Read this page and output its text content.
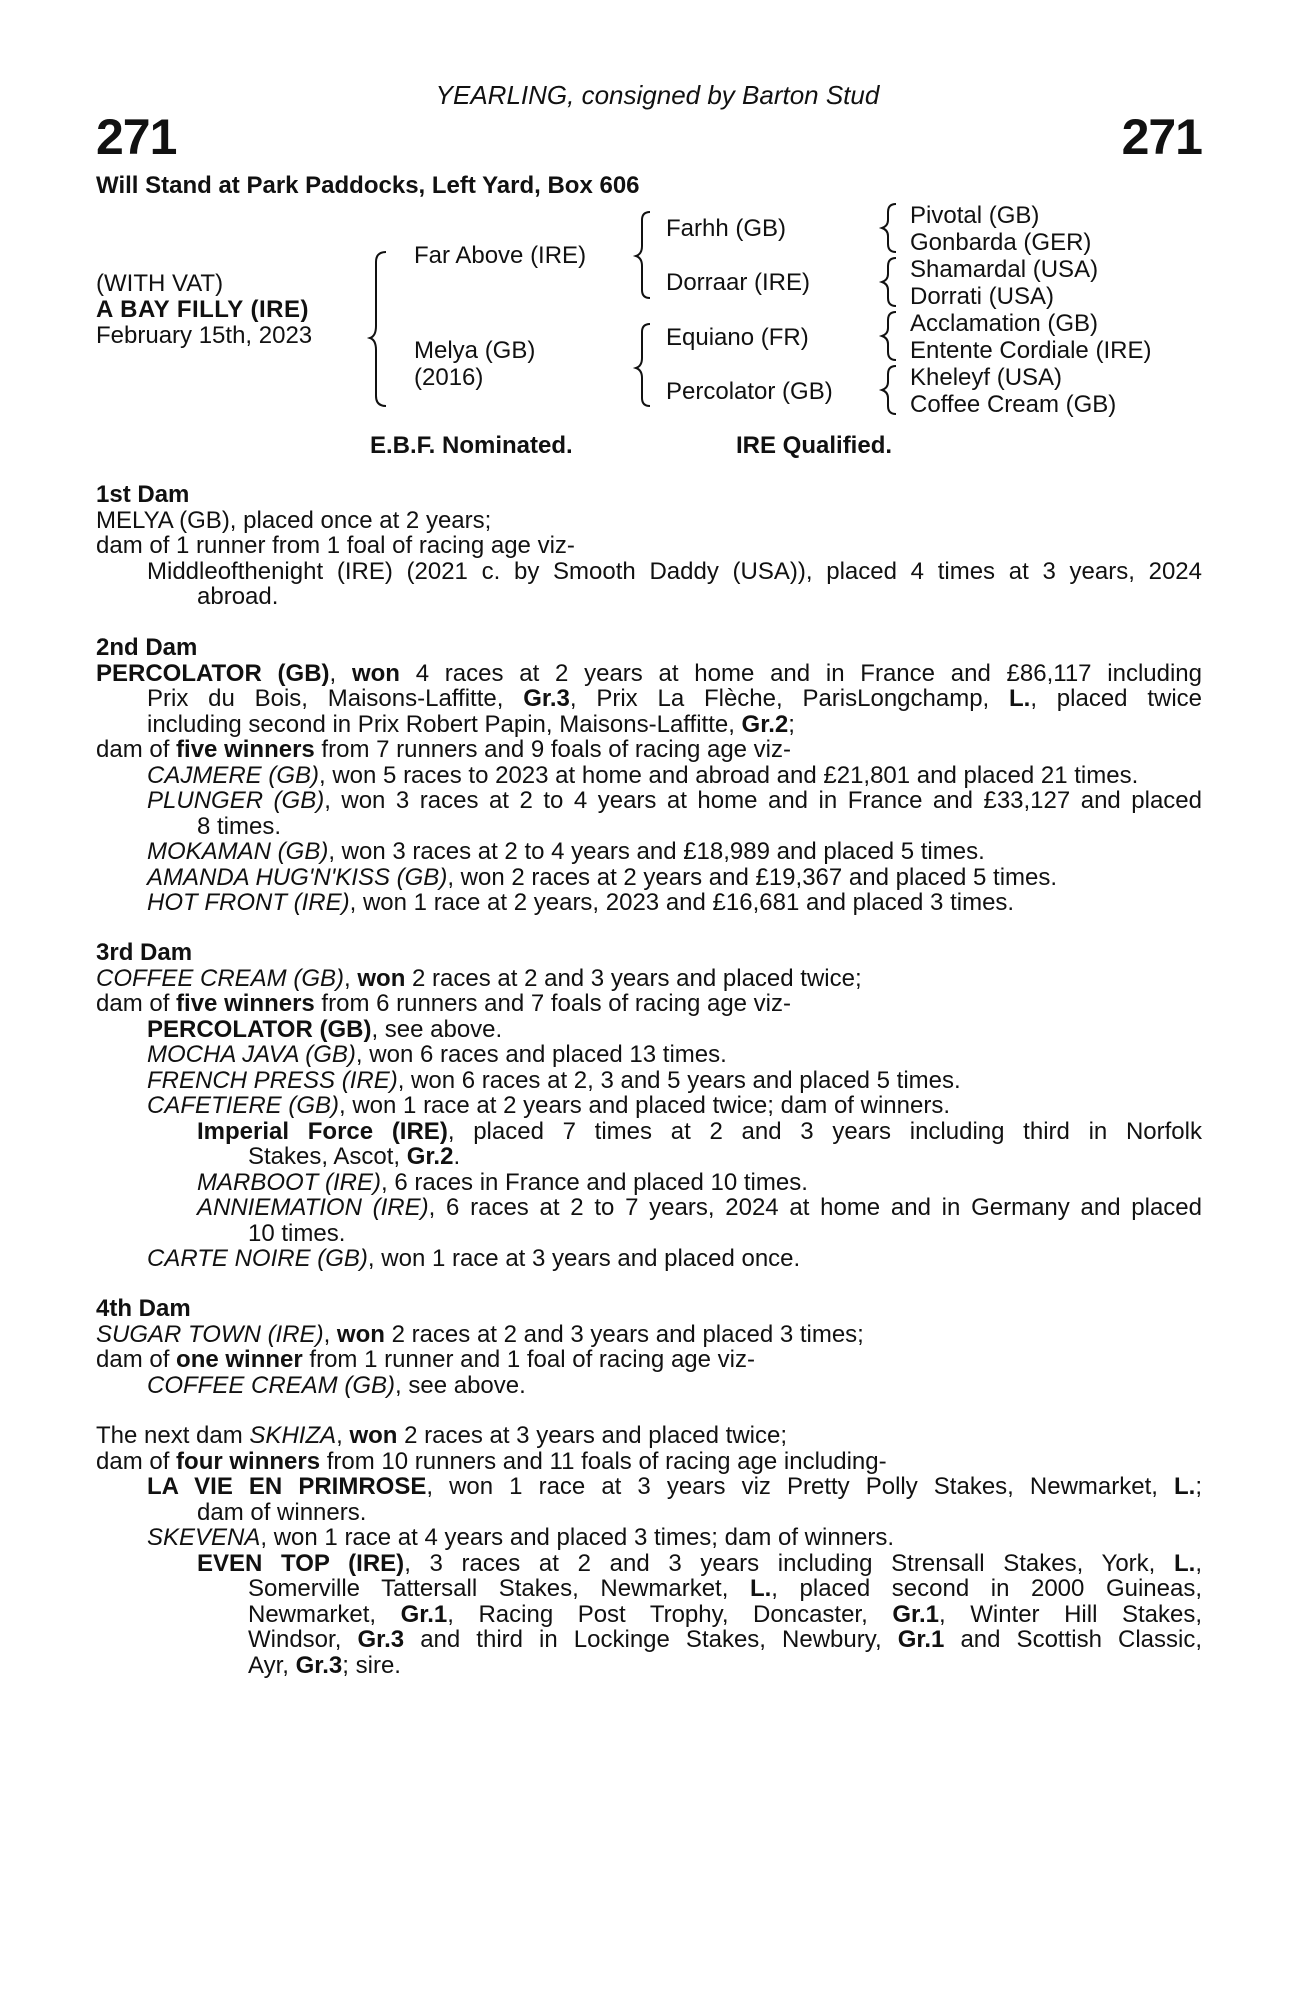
YEARLING, consigned by Barton Stud
271	271
Will Stand at Park Paddocks, Left Yard, Box 606
(WITH VAT)
A BAY FILLY (IRE)
February 15th, 2023
Far Above (IRE)
Melya (GB)
(2016)
Farhh (GB)
Dorraar (IRE)
Equiano (FR)
Percolator (GB)
Pivotal (GB)
Gonbarda (GER)
Shamardal (USA)
Dorrati (USA)
Acclamation (GB)
Entente Cordiale (IRE)
Kheleyf (USA)
Coffee Cream (GB)
E.B.F. Nominated.	IRE Qualified.
1st Dam
MELYA (GB), placed once at 2 years;
dam of 1 runner from 1 foal of racing age viz-
Middleofthenight (IRE) (2021 c. by Smooth Daddy (USA)), placed 4 times at 3 years, 2024
abroad.
2nd Dam
PERCOLATOR (GB), won 4 races at 2 years at home and in France and £86,117 including
Prix du Bois, Maisons-Laffitte, Gr.3, Prix La Flèche, ParisLongchamp, L., placed twice
including second in Prix Robert Papin, Maisons-Laffitte, Gr.2;
dam of five winners from 7 runners and 9 foals of racing age viz-
CAJMERE (GB), won 5 races to 2023 at home and abroad and £21,801 and placed 21 times.
PLUNGER (GB), won 3 races at 2 to 4 years at home and in France and £33,127 and placed
8 times.
MOKAMAN (GB), won 3 races at 2 to 4 years and £18,989 and placed 5 times.
AMANDA HUG'N'KISS (GB), won 2 races at 2 years and £19,367 and placed 5 times.
HOT FRONT (IRE), won 1 race at 2 years, 2023 and £16,681 and placed 3 times.
3rd Dam
COFFEE CREAM (GB), won 2 races at 2 and 3 years and placed twice;
dam of five winners from 6 runners and 7 foals of racing age viz-
PERCOLATOR (GB), see above.
MOCHA JAVA (GB), won 6 races and placed 13 times.
FRENCH PRESS (IRE), won 6 races at 2, 3 and 5 years and placed 5 times.
CAFETIERE (GB), won 1 race at 2 years and placed twice; dam of winners.
Imperial Force (IRE), placed 7 times at 2 and 3 years including third in Norfolk
Stakes, Ascot, Gr.2.
MARBOOT (IRE), 6 races in France and placed 10 times.
ANNIEMATION (IRE), 6 races at 2 to 7 years, 2024 at home and in Germany and placed
10 times.
CARTE NOIRE (GB), won 1 race at 3 years and placed once.
4th Dam
SUGAR TOWN (IRE), won 2 races at 2 and 3 years and placed 3 times;
dam of one winner from 1 runner and 1 foal of racing age viz-
COFFEE CREAM (GB), see above.
The next dam SKHIZA, won 2 races at 3 years and placed twice;
dam of four winners from 10 runners and 11 foals of racing age including-
LA VIE EN PRIMROSE, won 1 race at 3 years viz Pretty Polly Stakes, Newmarket, L.;
dam of winners.
SKEVENA, won 1 race at 4 years and placed 3 times; dam of winners.
EVEN TOP (IRE), 3 races at 2 and 3 years including Strensall Stakes, York, L.,
Somerville Tattersall Stakes, Newmarket, L., placed second in 2000 Guineas,
Newmarket, Gr.1, Racing Post Trophy, Doncaster, Gr.1, Winter Hill Stakes,
Windsor, Gr.3 and third in Lockinge Stakes, Newbury, Gr.1 and Scottish Classic,
Ayr, Gr.3; sire.
